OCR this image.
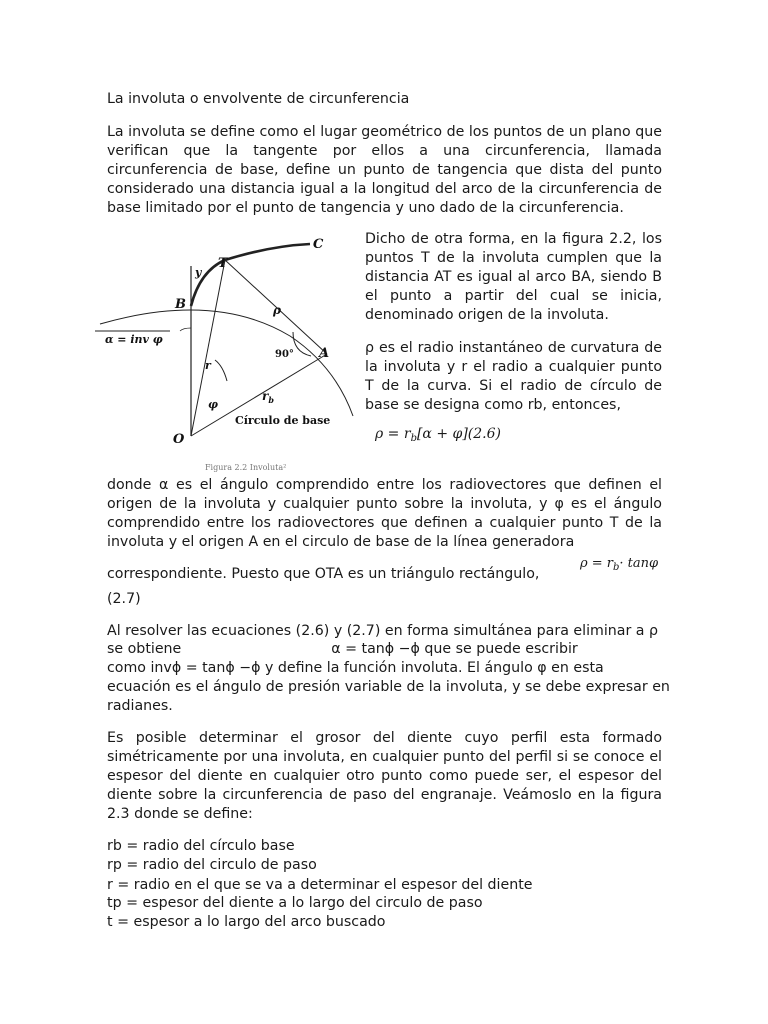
La involuta o envolvente de circunferencia

La involuta se define como el lugar geométrico de los puntos de un plano que verifican que la tangente por ellos a una circunferencia, llamada circunferencia de base, define un punto de tangencia que dista del punto considerado una distancia igual a la longitud del arco de la circunferencia de base limitado por el punto de tangencia y uno dado de la circunferencia.

C
T
y
B	ρ
α = inv φ
90° A
r
$r_b$
φ
Círculo de base
O
Figura 2.2 Involuta²

Dicho de otra forma, en la figura 2.2, los puntos T de la involuta cumplen que la distancia AT es igual al arco BA, siendo B el punto a partir del cual se inicia, denominado origen de la involuta.

ρ es el radio instantáneo de curvatura de la involuta y r el radio a cualquier punto T de la curva. Si el radio de círculo de base se designa como rb, entonces,

$\rho = r_b[\alpha + \varphi](2.6)$

donde α es el ángulo comprendido entre los radiovectores que definen el origen de la involuta y cualquier punto sobre la involuta, y φ es el ángulo comprendido entre los radiovectores que definen a cualquier punto T de la involuta y el origen A en el circulo de base de la línea generadora

correspondiente. Puesto que OTA es un triángulo rectángulo,
$\rho = r_b\cdot \tan\varphi$
(2.7)
Al resolver las ecuaciones (2.6) y (2.7) en forma simultánea para eliminar a ρ
se obtiene	α = tanϕ −ϕ que se puede escribir
como invϕ = tanϕ −ϕ y define la función involuta. El ángulo φ en esta
ecuación es el ángulo de presión variable de la involuta, y se debe expresar en
radianes.

Es posible determinar el grosor del diente cuyo perfil esta formado simétricamente por una involuta, en cualquier punto del perfil si se conoce el espesor del diente en cualquier otro punto como puede ser, el espesor del diente sobre la circunferencia de paso del engranaje. Veámoslo en la figura 2.3 donde se define:

rb = radio del círculo base
rp = radio del circulo de paso
r = radio en el que se va a determinar el espesor del diente
tp = espesor del diente a lo largo del circulo de paso
t = espesor a lo largo del arco buscado
